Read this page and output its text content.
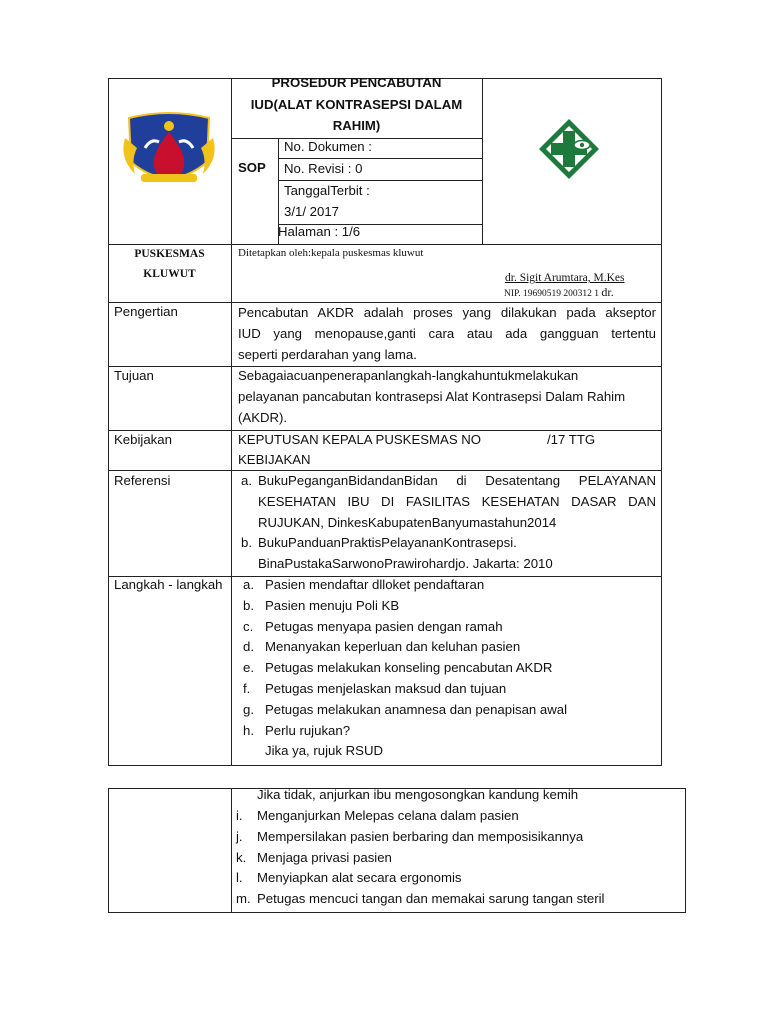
PROSEDUR PENCABUTAN
IUD(ALAT KONTRASEPSI DALAM
RAHIM)
SOP
No. Dokumen :
No. Revisi : 0
TanggalTerbit :
3/1/ 2017
Halaman : 1/6
PUSKESMAS
KLUWUT
Ditetapkan oleh:kepala puskesmas kluwut
dr. Sigit Arumtara, M.Kes
NIP. 19690519 200312 1 dr.
Pengertian	Pencabutan AKDR adalah proses yang dilakukan pada akseptor
IUD yang menopause,ganti cara atau ada gangguan tertentu
seperti perdarahan yang lama.
Tujuan	Sebagaiacuanpenerapanlangkah-langkahuntukmelakukan
pelayanan pancabutan kontrasepsi Alat Kontrasepsi Dalam Rahim
(AKDR).
Kebijakan	KEPUTUSAN KEPALA PUSKESMAS NO	/17 TTG
KEBIJAKAN
Referensi	a. BukuPeganganBidandanBidan di Desatentang PELAYANAN
KESEHATAN IBU DI FASILITAS KESEHATAN DASAR DAN
RUJUKAN, DinkesKabupatenBanyumastahun2014
b. BukuPanduanPraktisPelayananKontrasepsi.
BinaPustakaSarwonoPrawirohardjo. Jakarta: 2010
Langkah - langkah a. Pasien mendaftar dlloket pendaftaran
b. Pasien menuju Poli KB
c. Petugas menyapa pasien dengan ramah
d. Menanyakan keperluan dan keluhan pasien
e. Petugas melakukan konseling pencabutan AKDR
f. Petugas menjelaskan maksud dan tujuan
g. Petugas melakukan anamnesa dan penapisan awal
h. Perlu rujukan?
Jika ya, rujuk RSUD
Jika tidak, anjurkan ibu mengosongkan kandung kemih
i. Menganjurkan Melepas celana dalam pasien
j. Mempersilakan pasien berbaring dan memposisikannya
k. Menjaga privasi pasien
l. Menyiapkan alat secara ergonomis
m. Petugas mencuci tangan dan memakai sarung tangan steril
